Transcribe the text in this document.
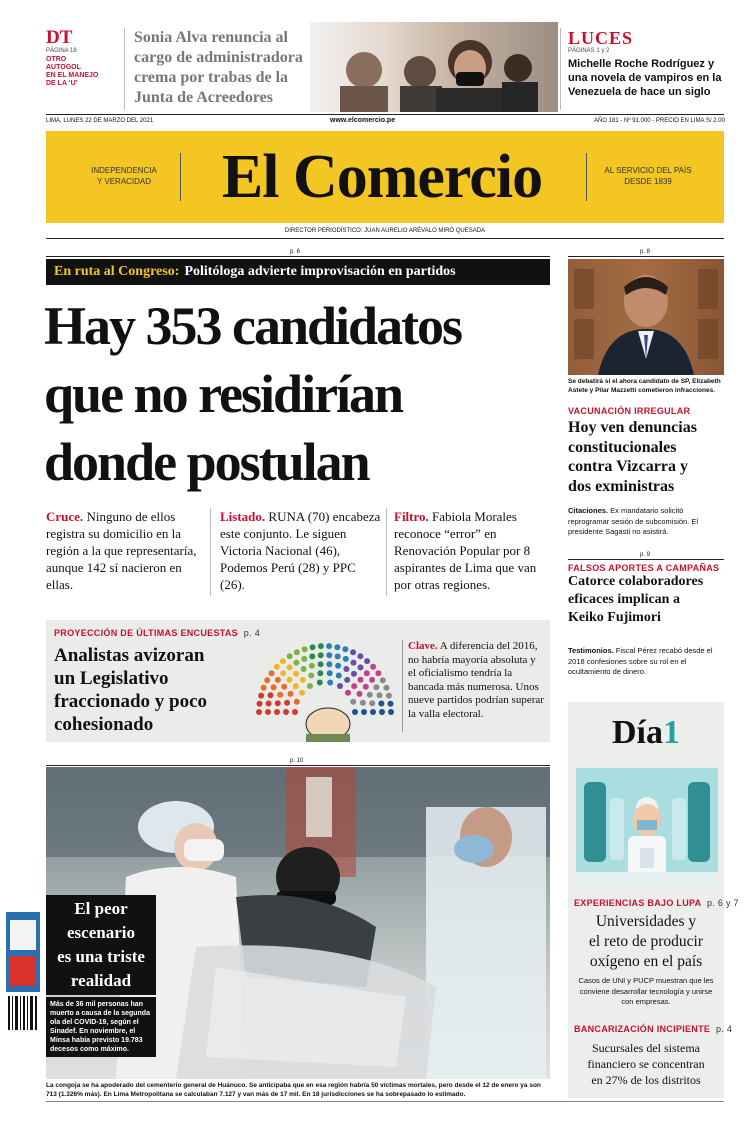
DT
PÁGINA 18
OTRO
AUTOGOL
EN EL MANEJO
DE LA ‘U’
Sonia Alva renuncia al
cargo de administradora
crema por trabas de la
Junta de Acreedores
LUCES
PÁGINAS 1 y 2
Michelle Roche Rodríguez y
una novela de vampiros en la
Venezuela de hace un siglo
LIMA, LUNES 22 DE MARZO DEL 2021	www.elcomercio.pe	AÑO 181 - Nº 91.000 - PRECIO EN LIMA S/ 2.00
INDEPENDENCIA
Y VERACIDAD	El Comercio	AL SERVICIO DEL PAÍS
DESDE 1839
DIRECTOR PERIODÍSTICO: JUAN AURELIO ARÉVALO MIRÓ QUESADA
p. 6
En ruta al Congreso: Politóloga advierte improvisación en partidos
Hay 353 candidatos
que no residirían
donde postulan
Cruce. Ninguno de ellos registra su domicilio en la región a la que representaría, aunque 142 sí nacieron en ellas.
Listado. RUNA (70) encabeza este conjunto. Le siguen Victoria Nacional (46), Podemos Perú (28) y PPC (26).
Filtro. Fabiola Morales reconoce “error” en Renovación Popular por 8 aspirantes de Lima que van por otras regiones.
PROYECCIÓN DE ÚLTIMAS ENCUESTAS p. 4
Analistas avizoran
un Legislativo
fraccionado y poco
cohesionado
Clave. A diferencia del 2016, no habría mayoría absoluta y el oficialismo tendría la bancada más numerosa. Unos nueve partidos podrían superar la valla electoral.
p. 10
El peor
escenario
es una triste
realidad
Más de 36 mil personas han muerto a causa de la segunda ola del COVID-19, según el Sinadef. En noviembre, el Minsa había previsto 19.783 decesos como máximo.
La congoja se ha apoderado del cementerio general de Huánuco. Se anticipaba que en esa región habría 50 víctimas mortales, pero desde el 12 de enero ya son 713 (1.326% más). En Lima Metropolitana se calculaban 7.127 y van más de 17 mil. En 18 jurisdicciones se ha sobrepasado lo estimado.
p. 8
Se debatirá si el ahora candidato de SP, Elizabeth Astete y Pilar Mazzetti cometieron infracciones.
VACUNACIÓN IRREGULAR
Hoy ven denuncias
constitucionales
contra Vizcarra y
dos exministras
Citaciones. Ex mandatario solicitó reprogramar sesión de subcomisión. El presidente Sagasti no asistirá.
p. 9
FALSOS APORTES A CAMPAÑAS
Catorce colaboradores
eficaces implican a
Keiko Fujimori
Testimonios. Fiscal Pérez recabó desde el 2018 confesiones sobre su rol en el ocultamiento de dinero.
Día1
EXPERIENCIAS BAJO LUPA p. 6 y 7
Universidades y
el reto de producir
oxígeno en el país
Casos de UNI y PUCP muestran que les conviene desarrollar tecnología y unirse con empresas.
BANCARIZACIÓN INCIPIENTE p. 4
Sucursales del sistema
financiero se concentran
en 27% de los distritos
